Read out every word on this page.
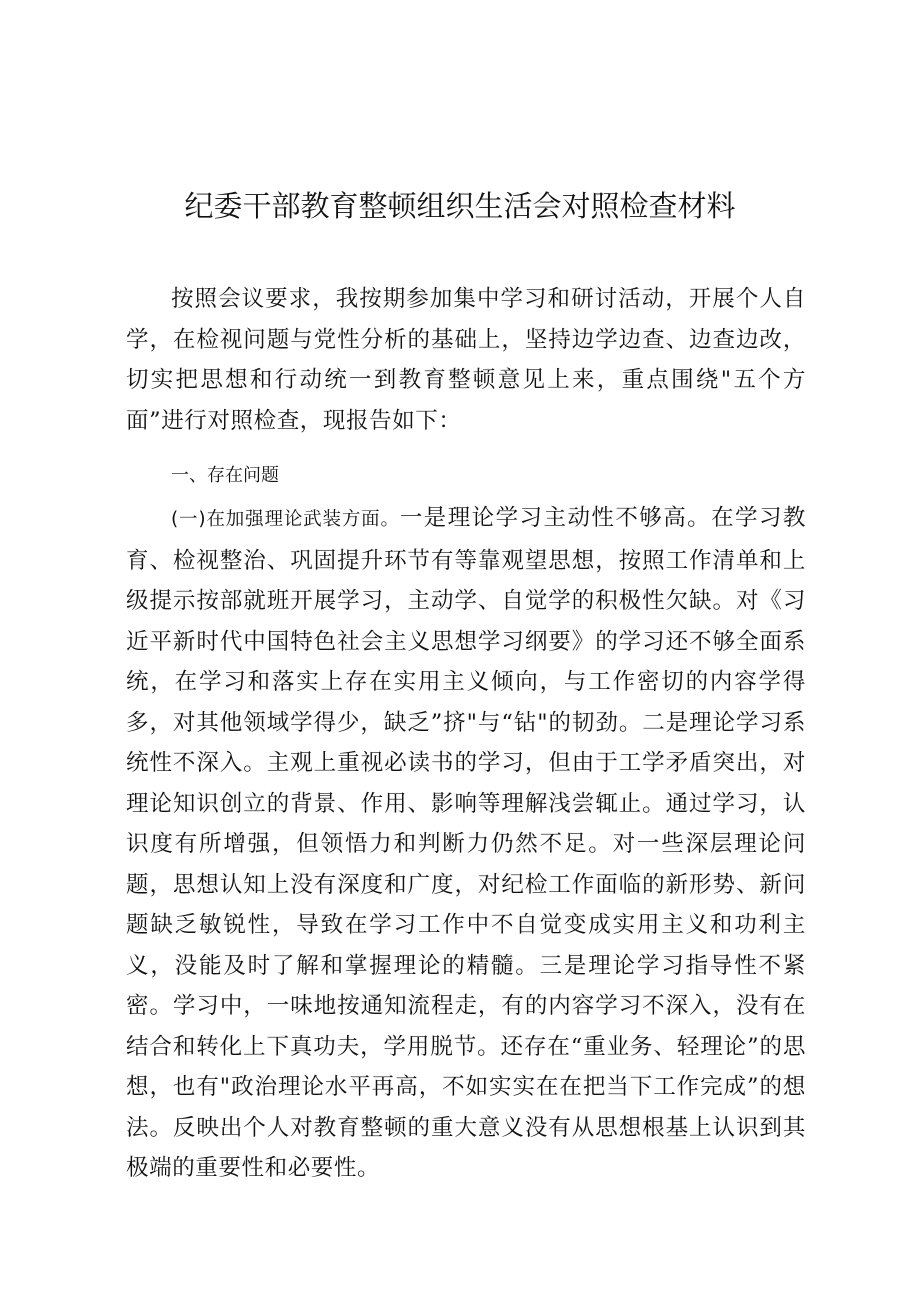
纪委干部教育整顿组织生活会对照检查材料

按照会议要求，我按期参加集中学习和研讨活动，开展个人自学，在检视问题与党性分析的基础上，坚持边学边查、边查边改，切实把思想和行动统一到教育整顿意见上来，重点围绕"五个方面”进行对照检查，现报告如下：

一、存在问题

(一)在加强理论武装方面。一是理论学习主动性不够高。在学习教育、检视整治、巩固提升环节有等靠观望思想，按照工作清单和上级提示按部就班开展学习，主动学、自觉学的积极性欠缺。对《习近平新时代中国特色社会主义思想学习纲要》的学习还不够全面系统，在学习和落实上存在实用主义倾向，与工作密切的内容学得多，对其他领域学得少，缺乏”挤"与“钻"的韧劲。二是理论学习系统性不深入。主观上重视必读书的学习，但由于工学矛盾突出，对理论知识创立的背景、作用、影响等理解浅尝辄止。通过学习，认识度有所增强，但领悟力和判断力仍然不足。对一些深层理论问题，思想认知上没有深度和广度，对纪检工作面临的新形势、新问题缺乏敏锐性，导致在学习工作中不自觉变成实用主义和功利主义，没能及时了解和掌握理论的精髓。三是理论学习指导性不紧密。学习中，一味地按通知流程走，有的内容学习不深入，没有在结合和转化上下真功夫，学用脱节。还存在“重业务、轻理论”的思想，也有"政治理论水平再高，不如实实在在把当下工作完成”的想法。反映出个人对教育整顿的重大意义没有从思想根基上认识到其极端的重要性和必要性。
